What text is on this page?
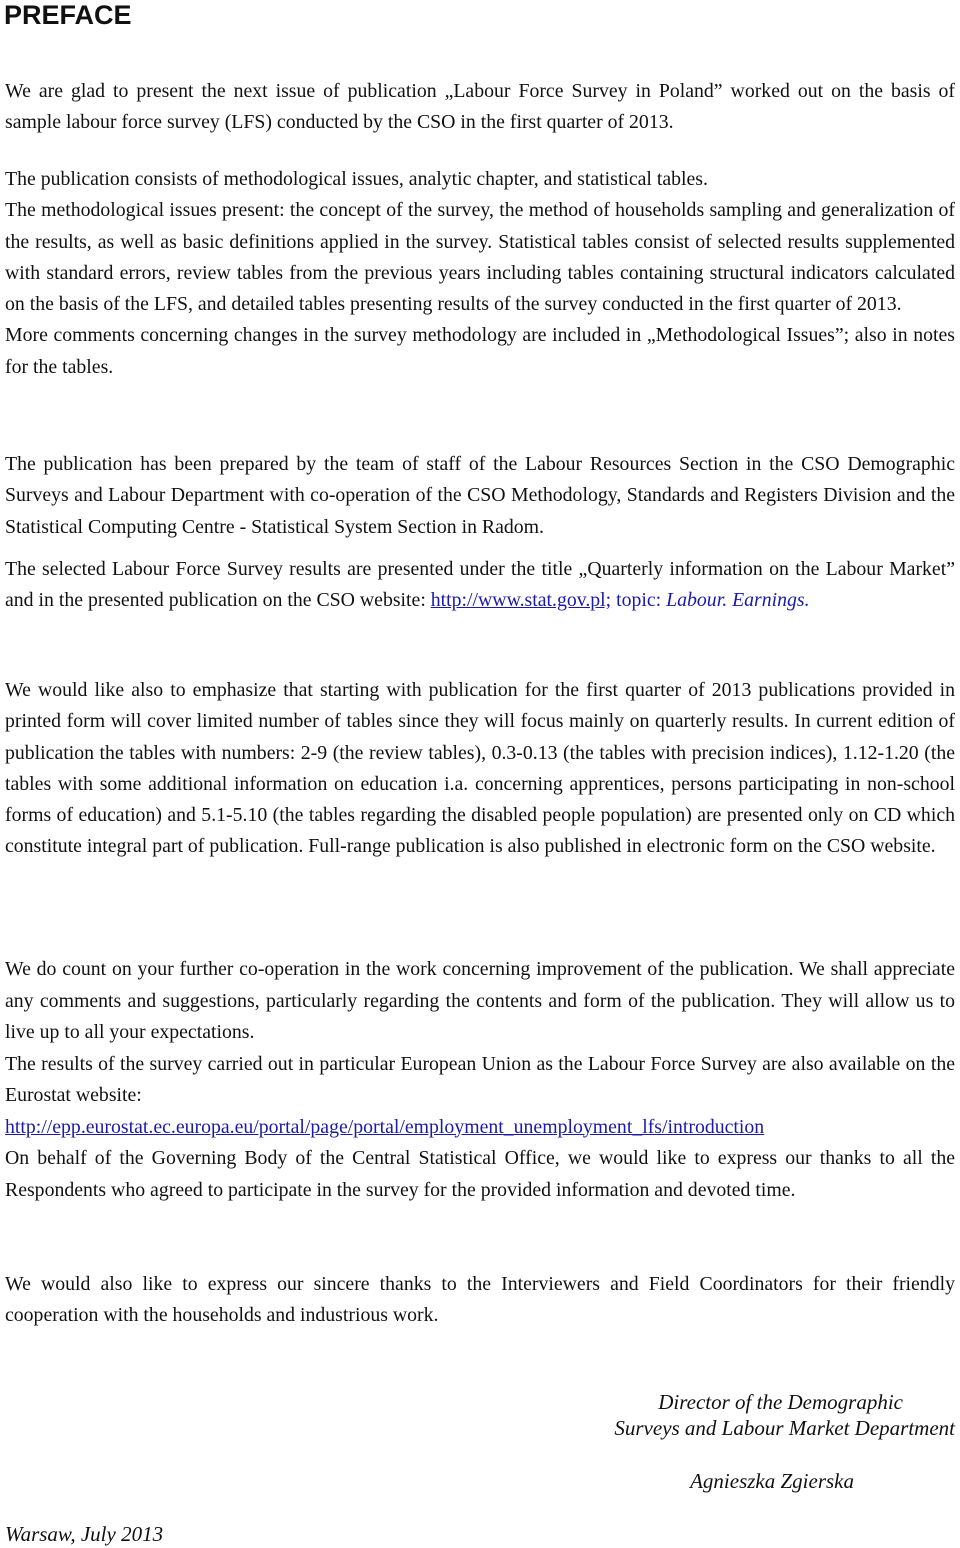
PREFACE

We are glad to present the next issue of publication „Labour Force Survey in Poland” worked out on the basis of sample labour force survey (LFS) conducted by the CSO in the first quarter of 2013.

The publication consists of methodological issues, analytic chapter, and statistical tables.
The methodological issues present: the concept of the survey, the method of households sampling and generalization of the results, as well as basic definitions applied in the survey. Statistical tables consist of selected results supplemented with standard errors, review tables from the previous years including tables containing structural indicators calculated on the basis of the LFS, and detailed tables presenting results of the survey conducted in the first quarter of 2013.
More comments concerning changes in the survey methodology are included in „Methodological Issues”; also in notes for the tables.

The publication has been prepared by the team of staff of the Labour Resources Section in the CSO Demographic Surveys and Labour Department with co-operation of the CSO Methodology, Standards and Registers Division and the Statistical Computing Centre - Statistical System Section in Radom.

The selected Labour Force Survey results are presented under the title „Quarterly information on the Labour Market” and in the presented publication on the CSO website: http://www.stat.gov.pl; topic: Labour. Earnings.

We would like also to emphasize that starting with publication for the first quarter of 2013 publications provided in printed form will cover limited number of tables since they will focus mainly on quarterly results. In current edition of publication the tables with numbers: 2-9 (the review tables), 0.3-0.13 (the tables with precision indices), 1.12-1.20 (the tables with some additional information on education i.a. concerning apprentices, persons participating in non-school forms of education) and 5.1-5.10 (the tables regarding the disabled people population) are presented only on CD which constitute integral part of publication. Full-range publication is also published in electronic form on the CSO website.

We do count on your further co-operation in the work concerning improvement of the publication. We shall appreciate any comments and suggestions, particularly regarding the contents and form of the publication. They will allow us to live up to all your expectations.
The results of the survey carried out in particular European Union as the Labour Force Survey are also available on the Eurostat website:
http://epp.eurostat.ec.europa.eu/portal/page/portal/employment_unemployment_lfs/introduction
On behalf of the Governing Body of the Central Statistical Office, we would like to express our thanks to all the Respondents who agreed to participate in the survey for the provided information and devoted time.

We would also like to express our sincere thanks to the Interviewers and Field Coordinators for their friendly cooperation with the households and industrious work.

Director of the Demographic

Surveys and Labour Market Department

Agnieszka Zgierska

Warsaw, July 2013
